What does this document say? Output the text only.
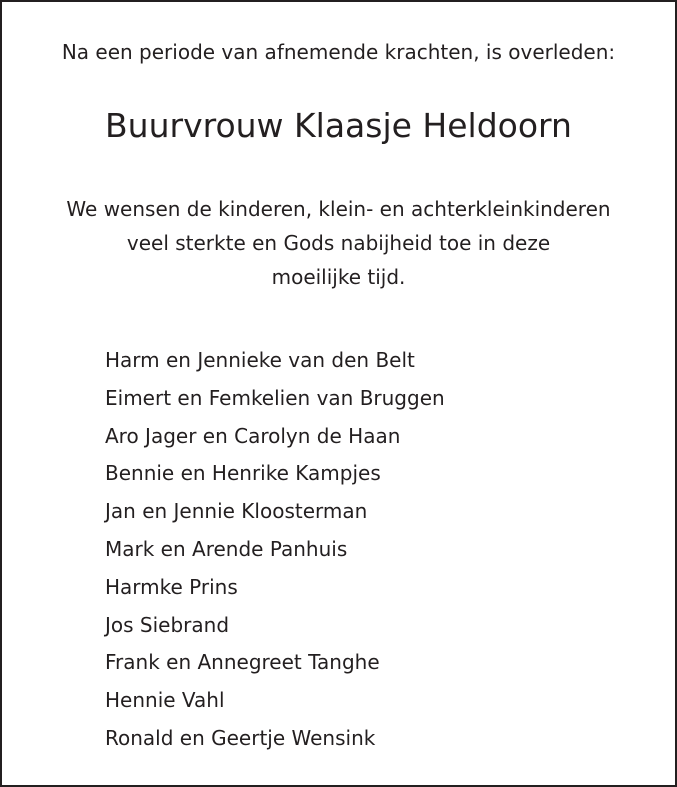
Na een periode van afnemende krachten, is overleden:
Buurvrouw Klaasje Heldoorn
We wensen de kinderen, klein- en achterkleinkinderen
veel sterkte en Gods nabijheid toe in deze
moeilijke tijd.
Harm en Jennieke van den Belt
Eimert en Femkelien van Bruggen
Aro Jager en Carolyn de Haan
Bennie en Henrike Kampjes
Jan en Jennie Kloosterman
Mark en Arende Panhuis
Harmke Prins
Jos Siebrand
Frank en Annegreet Tanghe
Hennie Vahl
Ronald en Geertje Wensink
